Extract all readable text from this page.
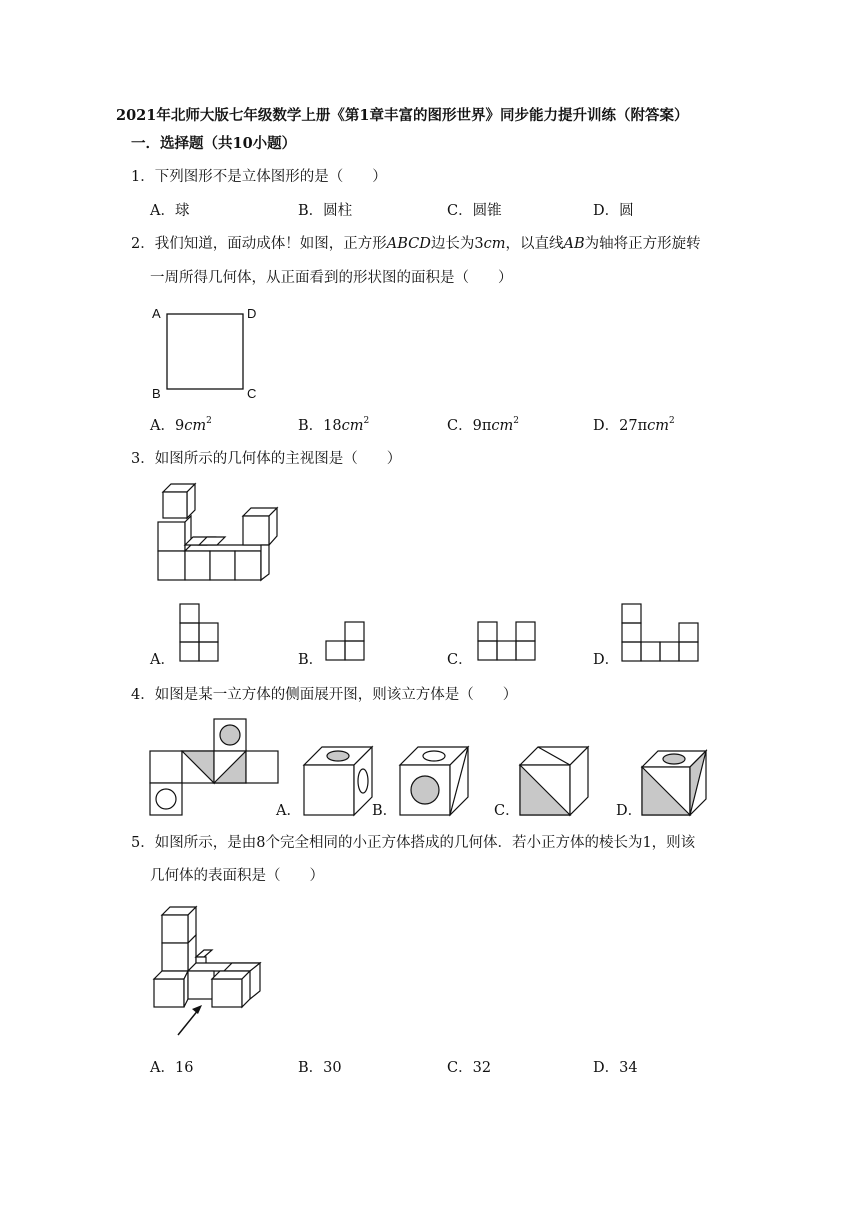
2021年北师大版七年级数学上册《第1章丰富的图形世界》同步能力提升训练（附答案）
一．选择题（共10小题）
1．下列图形不是立体图形的是（　　）
A．球	B．圆柱	C．圆锥	D．圆
2．我们知道，面动成体！如图，正方形ABCD边长为3cm，以直线AB为轴将正方形旋转
一周所得几何体，从正面看到的形状图的面积是（　　）
A	D
B	C
A．$9cm^2$	B．$18cm^2$	C．9πcm$^2$	D．27πcm$^2$
3．如图所示的几何体的主视图是（　　）
A．	B．	C．	D．
4．如图是某一立方体的侧面展开图，则该立方体是（　　）
A．	B．	C．	D．
5．如图所示，是由8个完全相同的小正方体搭成的几何体．若小正方体的棱长为1，则该
几何体的表面积是（　　）
A．16	B．30	C．32	D．34
